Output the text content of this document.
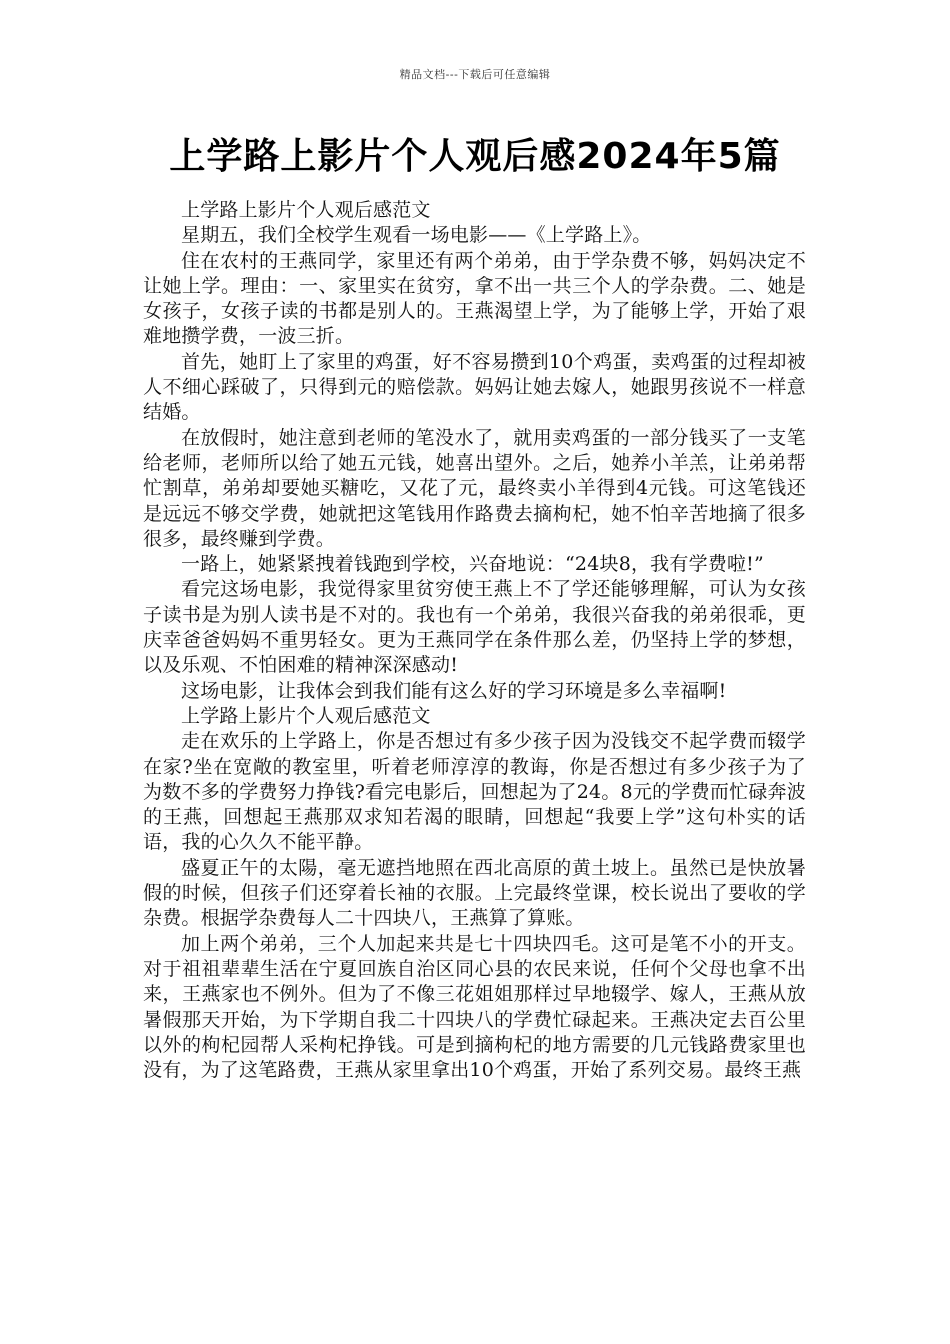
精品文档---下载后可任意编辑
上学路上影片个人观后感2024年5篇

上学路上影片个人观后感范文

星期五，我们全校学生观看一场电影——《上学路上》。

住在农村的王燕同学，家里还有两个弟弟，由于学杂费不够，妈妈决定不让她上学。理由：一、家里实在贫穷，拿不出一共三个人的学杂费。二、她是女孩子，女孩子读的书都是别人的。王燕渴望上学，为了能够上学，开始了艰难地攒学费，一波三折。

首先，她盯上了家里的鸡蛋，好不容易攒到10个鸡蛋，卖鸡蛋的过程却被人不细心踩破了，只得到元的赔偿款。妈妈让她去嫁人，她跟男孩说不一样意结婚。

在放假时，她注意到老师的笔没水了，就用卖鸡蛋的一部分钱买了一支笔给老师，老师所以给了她五元钱，她喜出望外。之后，她养小羊羔，让弟弟帮忙割草，弟弟却要她买糖吃，又花了元，最终卖小羊得到4元钱。可这笔钱还是远远不够交学费，她就把这笔钱用作路费去摘枸杞，她不怕辛苦地摘了很多很多，最终赚到学费。

一路上，她紧紧拽着钱跑到学校，兴奋地说：“24块8，我有学费啦!”

看完这场电影，我觉得家里贫穷使王燕上不了学还能够理解，可认为女孩子读书是为别人读书是不对的。我也有一个弟弟，我很兴奋我的弟弟很乖，更庆幸爸爸妈妈不重男轻女。更为王燕同学在条件那么差，仍坚持上学的梦想，以及乐观、不怕困难的精神深深感动!

这场电影，让我体会到我们能有这么好的学习环境是多么幸福啊!

上学路上影片个人观后感范文

走在欢乐的上学路上，你是否想过有多少孩子因为没钱交不起学费而辍学在家?坐在宽敞的教室里，听着老师淳淳的教诲，你是否想过有多少孩子为了为数不多的学费努力挣钱?看完电影后，回想起为了24。8元的学费而忙碌奔波的王燕，回想起王燕那双求知若渴的眼睛，回想起“我要上学”这句朴实的话语，我的心久久不能平静。

盛夏正午的太陽，毫无遮挡地照在西北高原的黄土坡上。虽然已是快放暑假的时候，但孩子们还穿着长袖的衣服。上完最终堂课，校长说出了要收的学杂费。根据学杂费每人二十四块八，王燕算了算账。

加上两个弟弟，三个人加起来共是七十四块四毛。这可是笔不小的开支。对于祖祖辈辈生活在宁夏回族自治区同心县的农民来说，任何个父母也拿不出来，王燕家也不例外。但为了不像三花姐姐那样过早地辍学、嫁人，王燕从放暑假那天开始，为下学期自我二十四块八的学费忙碌起来。王燕决定去百公里以外的枸杞园帮人采枸杞挣钱。可是到摘枸杞的地方需要的几元钱路费家里也没有，为了这笔路费，王燕从家里拿出10个鸡蛋，开始了系列交易。最终王燕
